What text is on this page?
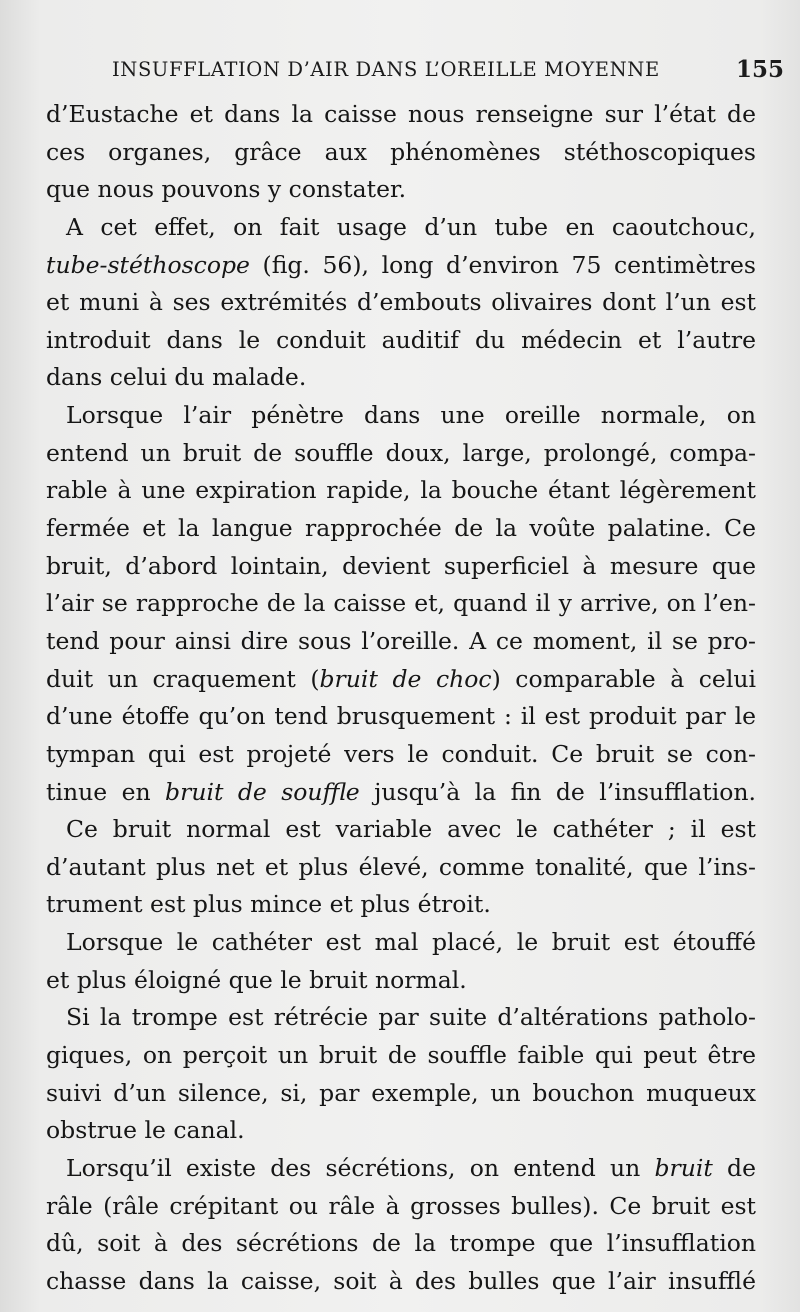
INSUFFLATION D’AIR DANS L’OREILLE MOYENNE	155
d’Eustache et dans la caisse nous renseigne sur l’état de
ces organes, grâce aux phénomènes stéthoscopiques
que nous pouvons y constater.
A cet effet, on fait usage d’un tube en caoutchouc,
tube-stéthoscope (fig. 56), long d’environ 75 centimètres
et muni à ses extrémités d’embouts olivaires dont l’un est
introduit dans le conduit auditif du médecin et l’autre
dans celui du malade.
Lorsque l’air pénètre dans une oreille normale, on
entend un bruit de souffle doux, large, prolongé, compa-
rable à une expiration rapide, la bouche étant légèrement
fermée et la langue rapprochée de la voûte palatine. Ce
bruit, d’abord lointain, devient superficiel à mesure que
l’air se rapproche de la caisse et, quand il y arrive, on l’en-
tend pour ainsi dire sous l’oreille. A ce moment, il se pro-
duit un craquement (bruit de choc) comparable à celui
d’une étoffe qu’on tend brusquement : il est produit par le
tympan qui est projeté vers le conduit. Ce bruit se con-
tinue en bruit de souffle jusqu’à la fin de l’insufflation.
Ce bruit normal est variable avec le cathéter ; il est
d’autant plus net et plus élevé, comme tonalité, que l’ins-
trument est plus mince et plus étroit.
Lorsque le cathéter est mal placé, le bruit est étouffé
et plus éloigné que le bruit normal.
Si la trompe est rétrécie par suite d’altérations patholo-
giques, on perçoit un bruit de souffle faible qui peut être
suivi d’un silence, si, par exemple, un bouchon muqueux
obstrue le canal.
Lorsqu’il existe des sécrétions, on entend un bruit de
râle (râle crépitant ou râle à grosses bulles). Ce bruit est
dû, soit à des sécrétions de la trompe que l’insufflation
chasse dans la caisse, soit à des bulles que l’air insufflé
